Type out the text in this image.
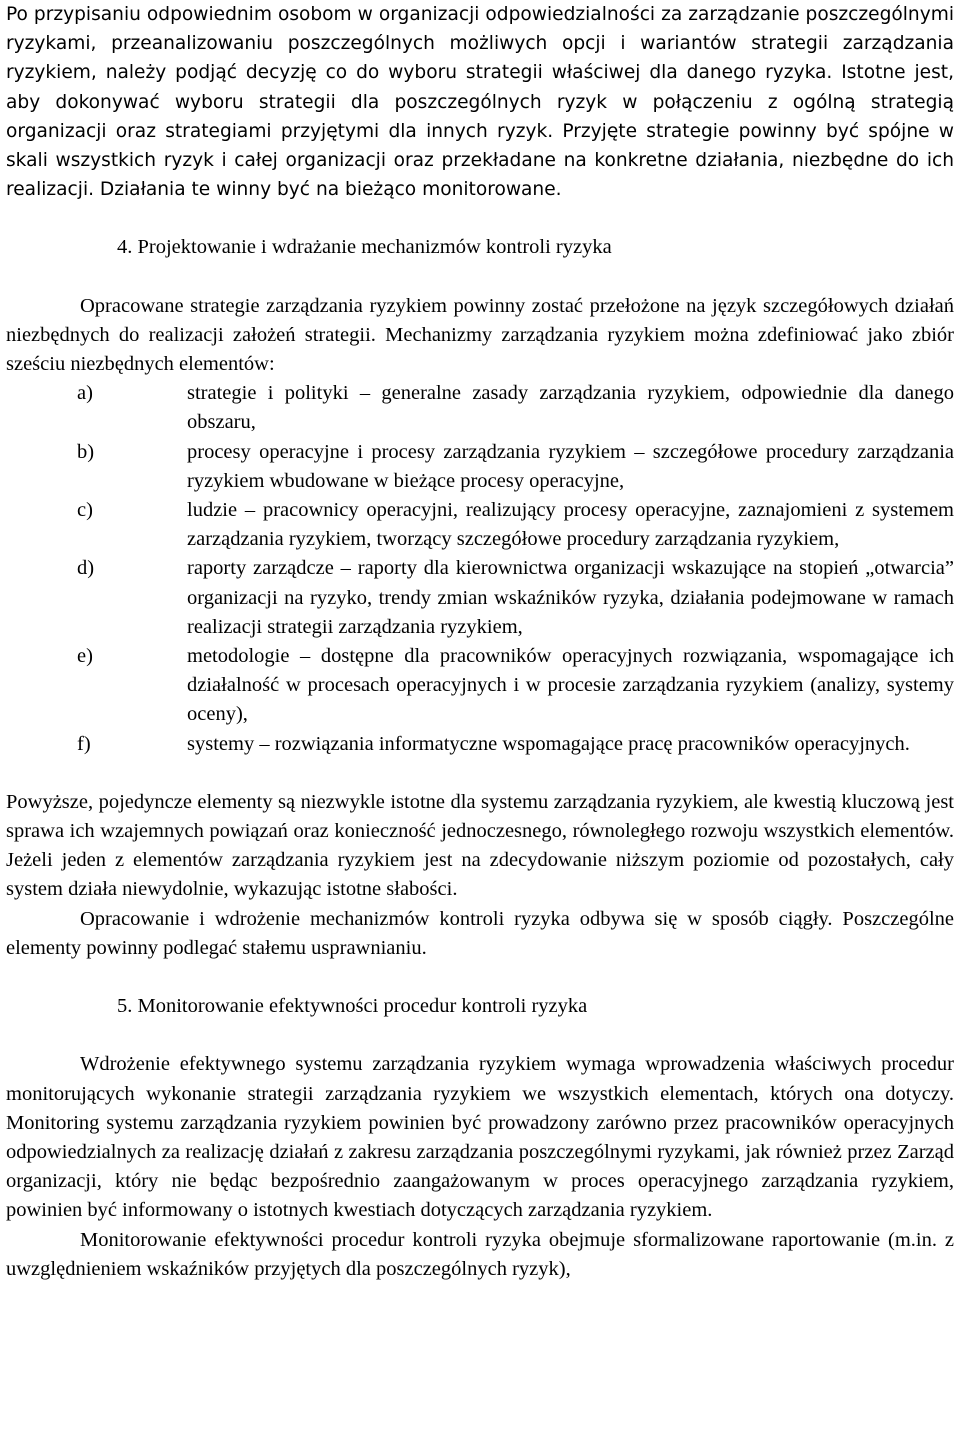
Po przypisaniu odpowiednim osobom w organizacji odpowiedzialności za zarządzanie poszczególnymi ryzykami, przeanalizowaniu poszczególnych możliwych opcji i wariantów strategii zarządzania ryzykiem, należy podjąć decyzję co do wyboru strategii właściwej dla danego ryzyka. Istotne jest, aby dokonywać wyboru strategii dla poszczególnych ryzyk w połączeniu z ogólną strategią organizacji oraz strategiami przyjętymi dla innych ryzyk. Przyjęte strategie powinny być spójne w skali wszystkich ryzyk i całej organizacji oraz przekładane na konkretne działania, niezbędne do ich realizacji. Działania te winny być na bieżąco monitorowane.

4. Projektowanie i wdrażanie mechanizmów kontroli ryzyka

Opracowane strategie zarządzania ryzykiem powinny zostać przełożone na język szczegółowych działań niezbędnych do realizacji założeń strategii. Mechanizmy zarządzania ryzykiem można zdefiniować jako zbiór sześciu niezbędnych elementów:

a)	strategie i polityki – generalne zasady zarządzania ryzykiem, odpowiednie dla danego obszaru,
b)	procesy operacyjne i procesy zarządzania ryzykiem – szczegółowe procedury zarządzania ryzykiem wbudowane w bieżące procesy operacyjne,
c)	ludzie – pracownicy operacyjni, realizujący procesy operacyjne, zaznajomieni z systemem zarządzania ryzykiem, tworzący szczegółowe procedury zarządzania ryzykiem,
d)	raporty zarządcze – raporty dla kierownictwa organizacji wskazujące na stopień „otwarcia” organizacji na ryzyko, trendy zmian wskaźników ryzyka, działania podejmowane w ramach realizacji strategii zarządzania ryzykiem,
e)	metodologie – dostępne dla pracowników operacyjnych rozwiązania, wspomagające ich działalność w procesach operacyjnych i w procesie zarządzania ryzykiem (analizy, systemy oceny),
f)	systemy – rozwiązania informatyczne wspomagające pracę pracowników operacyjnych.

Powyższe, pojedyncze elementy są niezwykle istotne dla systemu zarządzania ryzykiem, ale kwestią kluczową jest sprawa ich wzajemnych powiązań oraz konieczność jednoczesnego, równoległego rozwoju wszystkich elementów. Jeżeli jeden z elementów zarządzania ryzykiem jest na zdecydowanie niższym poziomie od pozostałych, cały system działa niewydolnie, wykazując istotne słabości.

Opracowanie i wdrożenie mechanizmów kontroli ryzyka odbywa się w sposób ciągły. Poszczególne elementy powinny podlegać stałemu usprawnianiu.

5. Monitorowanie efektywności procedur kontroli ryzyka

Wdrożenie efektywnego systemu zarządzania ryzykiem wymaga wprowadzenia właściwych procedur monitorujących wykonanie strategii zarządzania ryzykiem we wszystkich elementach, których ona dotyczy. Monitoring systemu zarządzania ryzykiem powinien być prowadzony zarówno przez pracowników operacyjnych odpowiedzialnych za realizację działań z zakresu zarządzania poszczególnymi ryzykami, jak również przez Zarząd organizacji, który nie będąc bezpośrednio zaangażowanym w proces operacyjnego zarządzania ryzykiem, powinien być informowany o istotnych kwestiach dotyczących zarządzania ryzykiem.

Monitorowanie efektywności procedur kontroli ryzyka obejmuje sformalizowane raportowanie (m.in. z uwzględnieniem wskaźników przyjętych dla poszczególnych ryzyk),
